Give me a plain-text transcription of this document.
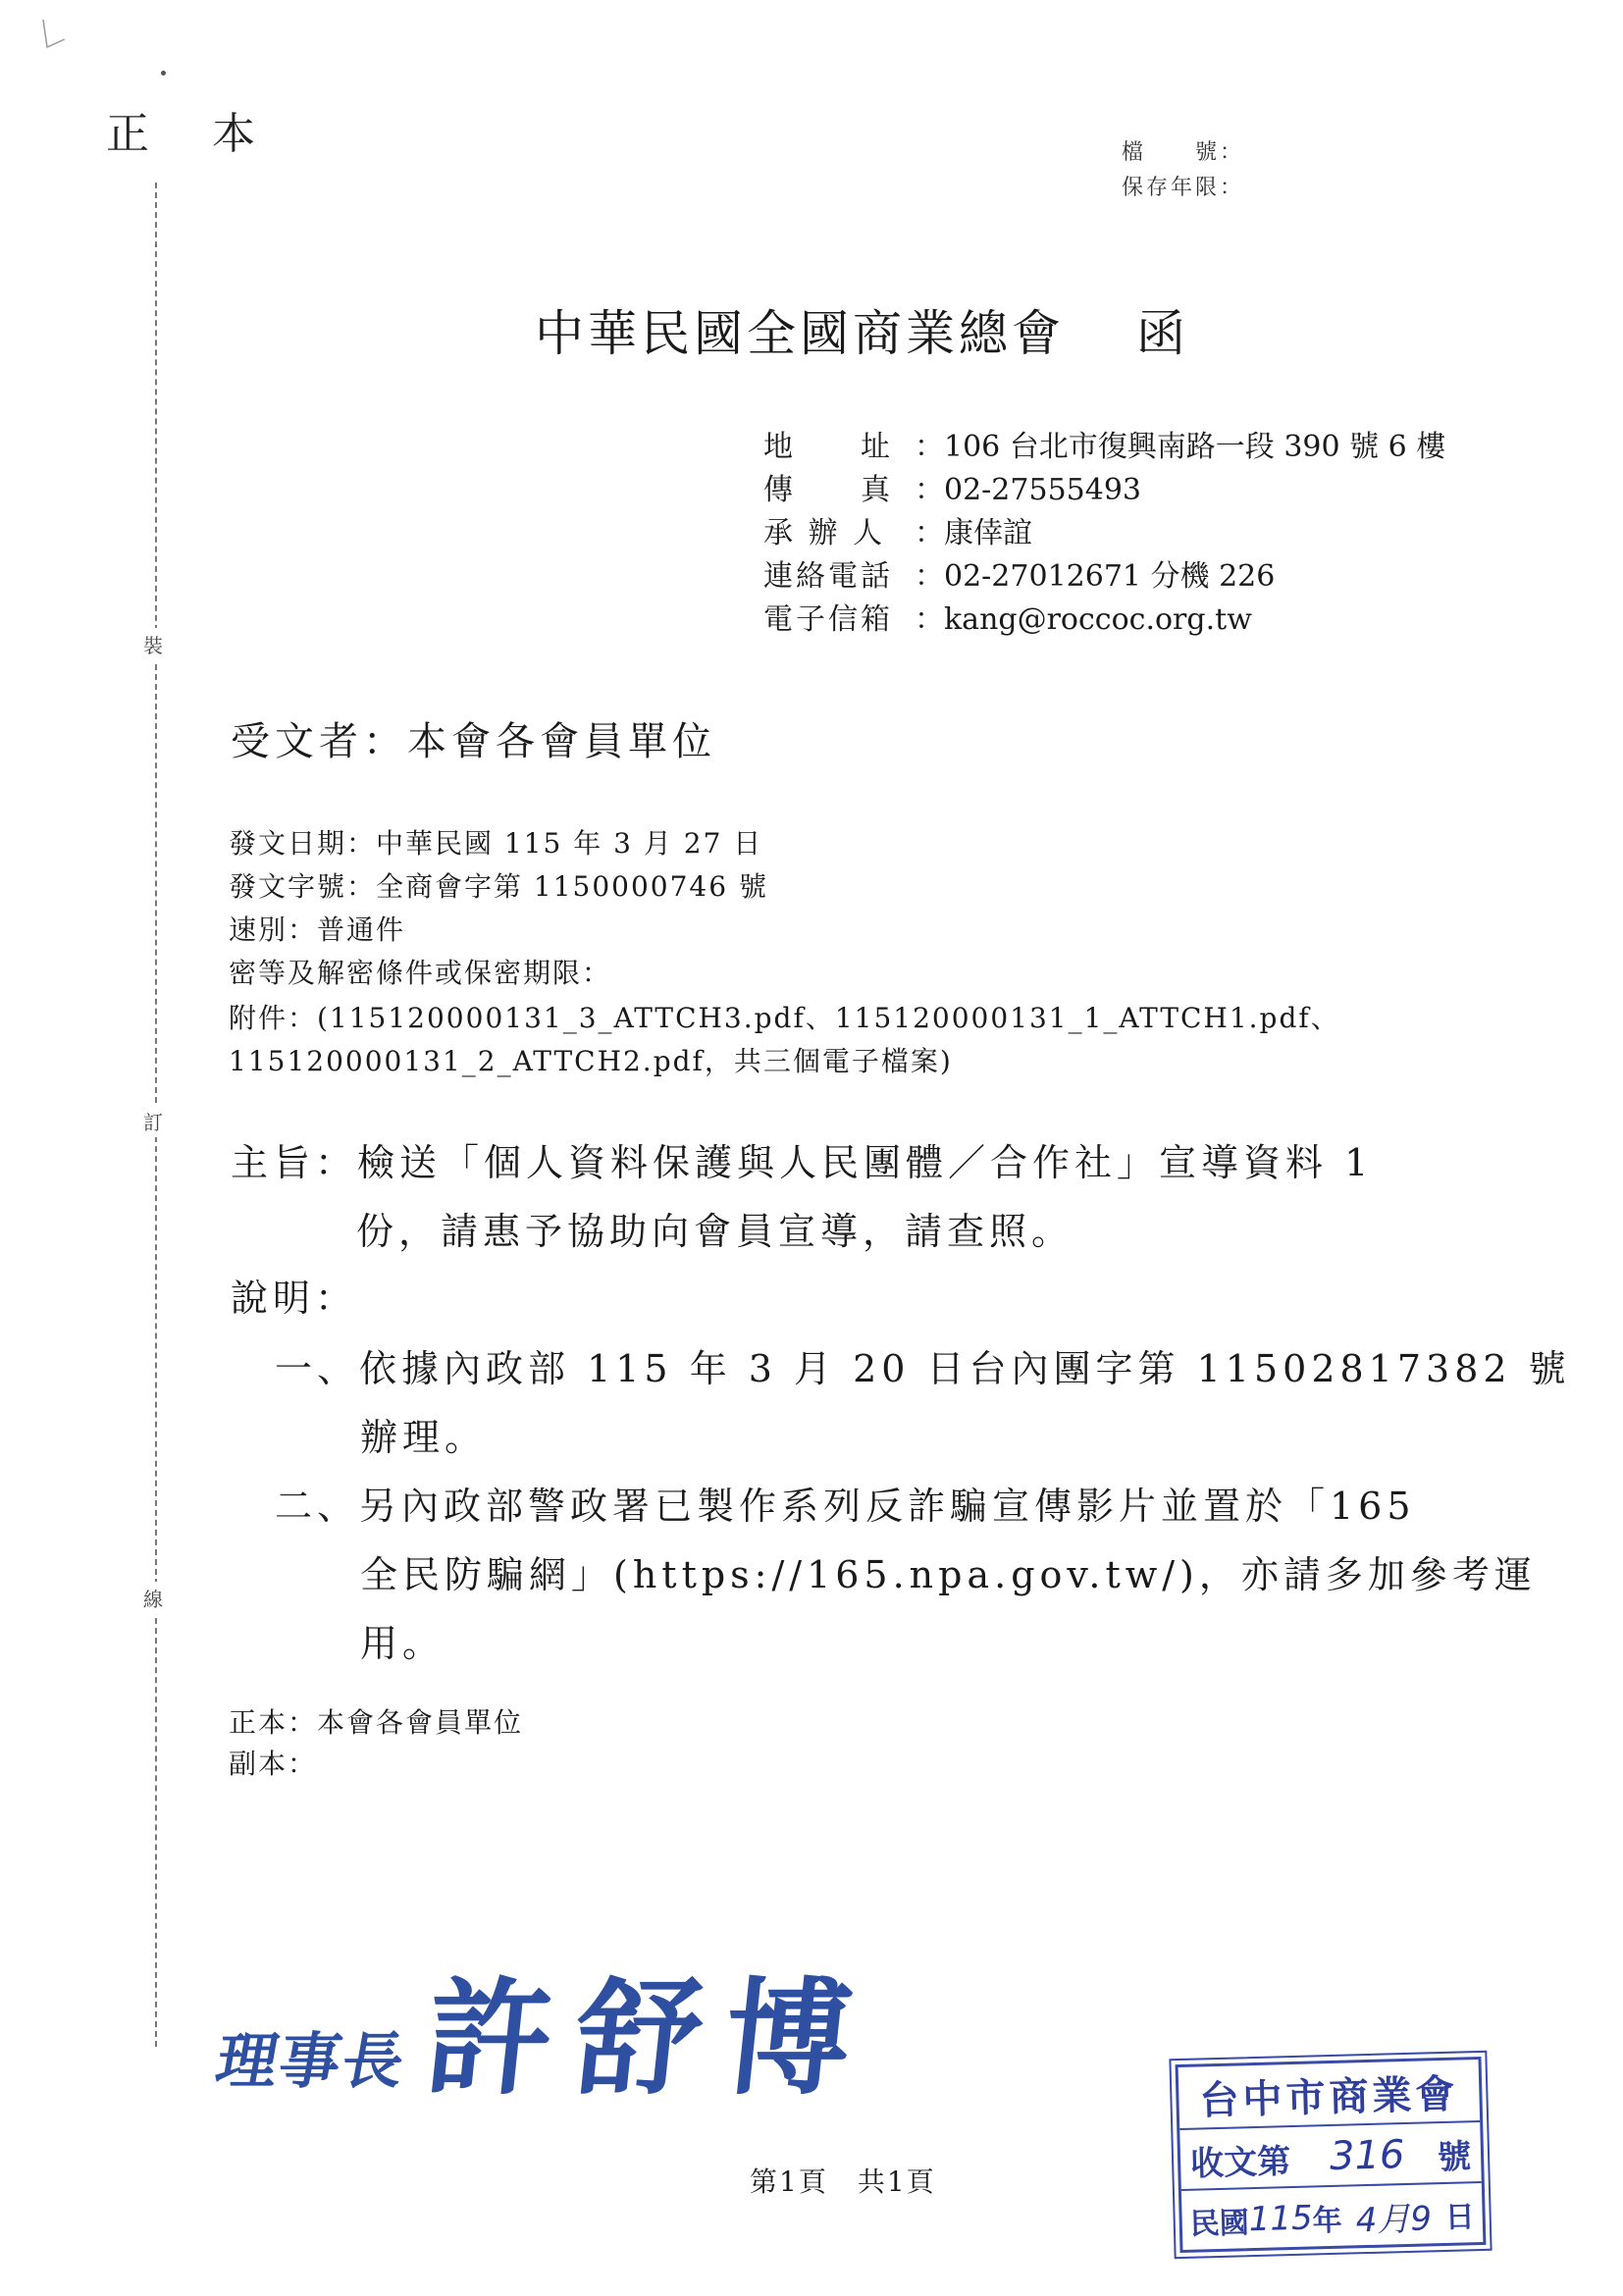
正本	檔　　號：
保存年限：
裝
訂
線
中華民國全國商業總會 函
地　　址 ：106 台北市復興南路一段 390 號 6 樓
傳　　真 ：02-27555493
承 辦 人 ：康倖誼
連絡電話 ：02-27012671 分機 226
電子信箱 ：kang@roccoc.org.tw
受文者：本會各會員單位
發文日期：中華民國 115 年 3 月 27 日
發文字號：全商會字第 1150000746 號
速別：普通件
密等及解密條件或保密期限：
附件：(115120000131_3_ATTCH3.pdf、115120000131_1_ATTCH1.pdf、
115120000131_2_ATTCH2.pdf，共三個電子檔案)
主旨：檢送「個人資料保護與人民團體／合作社」宣導資料 1
份，請惠予協助向會員宣導，請查照。
說明：
一、依據內政部 115 年 3 月 20 日台內團字第 11502817382 號
辦理。
二、另內政部警政署已製作系列反詐騙宣傳影片並置於「165
全民防騙網」(https://165.npa.gov.tw/)，亦請多加參考運
用。
正本：本會各會員單位
副本：
理事長許舒博
第1頁　共1頁
台中市商業會
收文第 316 號
民國
115 年 4月9 日
